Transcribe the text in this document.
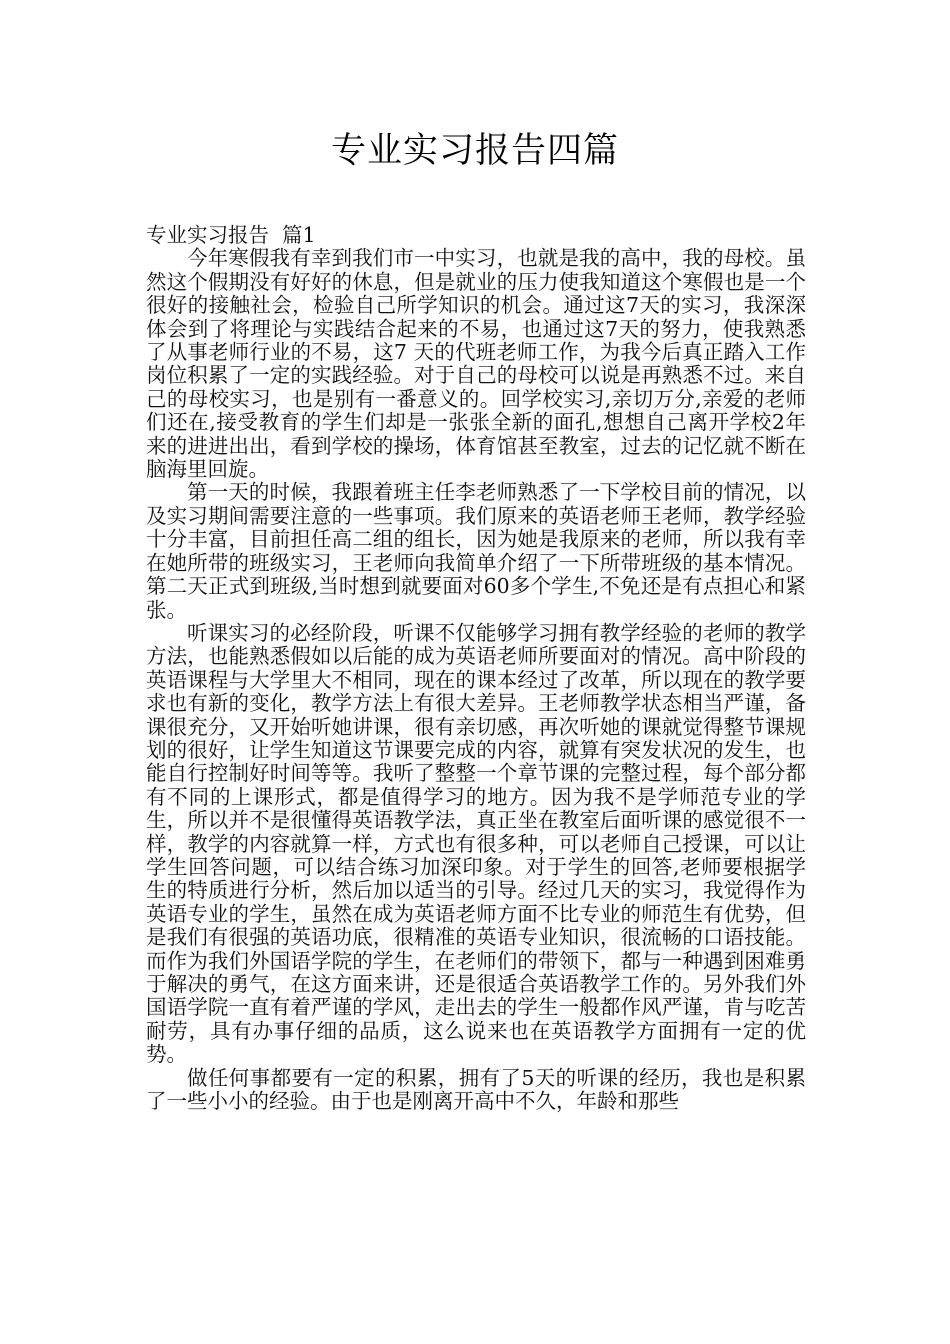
专业实习报告四篇

专业实习报告  篇1

今年寒假我有幸到我们市一中实习，也就是我的高中，我的母校。虽然这个假期没有好好的休息，但是就业的压力使我知道这个寒假也是一个很好的接触社会，检验自己所学知识的机会。通过这7天的实习，我深深体会到了将理论与实践结合起来的不易，也通过这7天的努力，使我熟悉了从事老师行业的不易，这7 天的代班老师工作，为我今后真正踏入工作岗位积累了一定的实践经验。对于自己的母校可以说是再熟悉不过。来自己的母校实习，也是别有一番意义的。回学校实习,亲切万分,亲爱的老师们还在,接受教育的学生们却是一张张全新的面孔,想想自己离开学校2年来的进进出出，看到学校的操场，体育馆甚至教室，过去的记忆就不断在脑海里回旋。

第一天的时候，我跟着班主任李老师熟悉了一下学校目前的情况，以及实习期间需要注意的一些事项。我们原来的英语老师王老师，教学经验十分丰富，目前担任高二组的组长，因为她是我原来的老师，所以我有幸在她所带的班级实习，王老师向我简单介绍了一下所带班级的基本情况。第二天正式到班级,当时想到就要面对60多个学生,不免还是有点担心和紧张。

听课实习的必经阶段，听课不仅能够学习拥有教学经验的老师的教学方法，也能熟悉假如以后能的成为英语老师所要面对的情况。高中阶段的英语课程与大学里大不相同，现在的课本经过了改革，所以现在的教学要求也有新的变化，教学方法上有很大差异。王老师教学状态相当严谨，备课很充分，又开始听她讲课，很有亲切感，再次听她的课就觉得整节课规划的很好，让学生知道这节课要完成的内容，就算有突发状况的发生，也能自行控制好时间等等。我听了整整一个章节课的完整过程，每个部分都有不同的上课形式，都是值得学习的地方。因为我不是学师范专业的学生，所以并不是很懂得英语教学法，真正坐在教室后面听课的感觉很不一样，教学的内容就算一样，方式也有很多种，可以老师自己授课，可以让学生回答问题，可以结合练习加深印象。对于学生的回答,老师要根据学生的特质进行分析，然后加以适当的引导。经过几天的实习，我觉得作为英语专业的学生，虽然在成为英语老师方面不比专业的师范生有优势，但是我们有很强的英语功底，很精准的英语专业知识，很流畅的口语技能。而作为我们外国语学院的学生，在老师们的带领下，都与一种遇到困难勇于解决的勇气，在这方面来讲，还是很适合英语教学工作的。另外我们外国语学院一直有着严谨的学风，走出去的学生一般都作风严谨，肯与吃苦耐劳，具有办事仔细的品质，这么说来也在英语教学方面拥有一定的优势。

做任何事都要有一定的积累，拥有了5天的听课的经历，我也是积累了一些小小的经验。由于也是刚离开高中不久，年龄和那些
